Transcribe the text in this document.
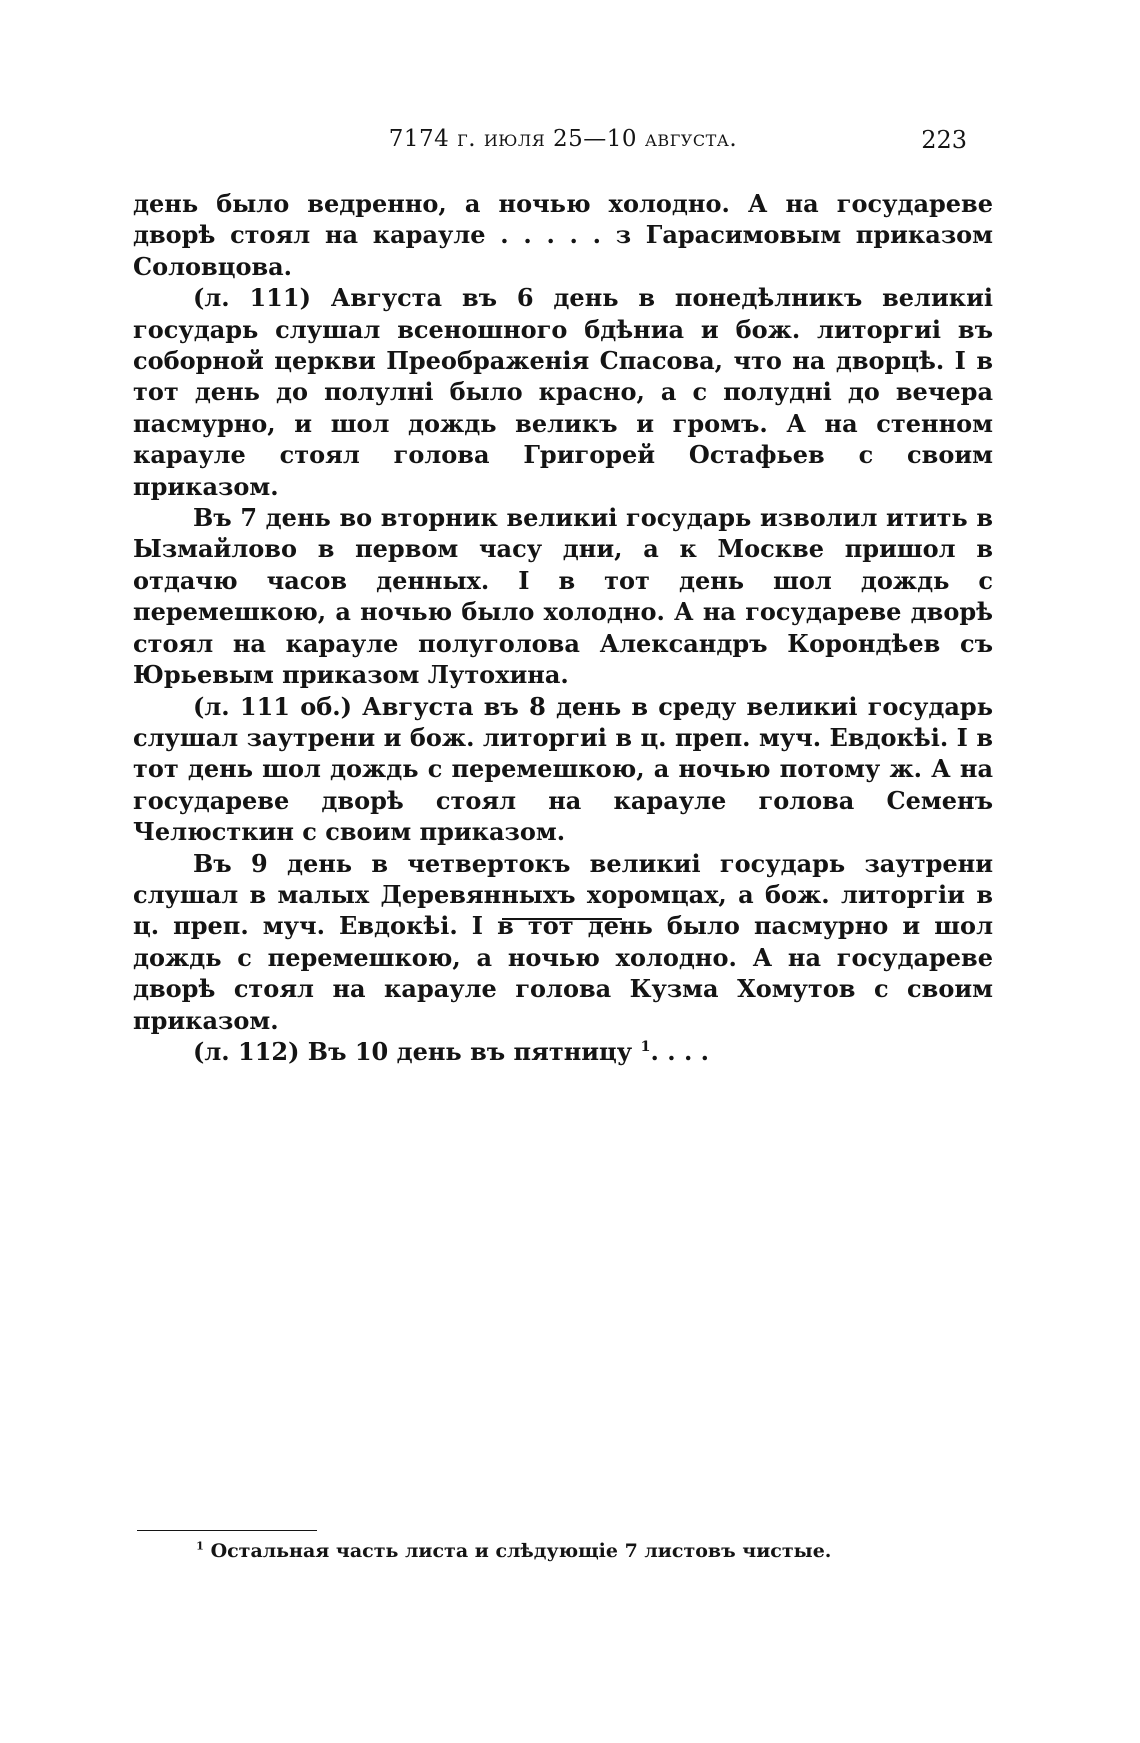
7174 г. июля 25—10 августа.	223

день было ведренно, а ночью холодно. А на государеве дворѣ стоял на карауле . . . . . з Гарасимовым приказом Соловцова.

(л. 111) Августа въ 6 день в понедѣлникъ великиі государь слушал всеношного бдѣниа и бож. литоргиі въ соборной церкви Преображенія Спасова, что на дворцѣ. І в тот день до полулні было красно, а с полудні до вечера пасмурно, и шол дождь великъ и громъ. А на стенном карауле стоял голова Григорей Остафьев с своим приказом.

Въ 7 день во вторник великиі государь изволил итить в Ызмайлово в первом часу дни, а к Москве пришол в отдачю часов денных. І в тот день шол дождь с перемешкою, а ночью было холодно. А на государеве дворѣ стоял на карауле полуголова Александръ Корондѣев съ Юрьевым приказом Лутохина.

(л. 111 об.) Августа въ 8 день в среду великиі государь слушал заутрени и бож. литоргиі в ц. преп. муч. Евдокѣі. І в тот день шол дождь с перемешкою, а ночью потому ж. А на государеве дворѣ стоял на карауле голова Семенъ Челюсткин с своим приказом.

Въ 9 день в четвертокъ великиі государь заутрени слушал в малых Деревянныхъ хоромцах, а бож. литоргіи в ц. преп. муч. Евдокѣі. І в тот день было пасмурно и шол дождь с перемешкою, а ночью холодно. А на государеве дворѣ стоял на карауле голова Кузма Хомутов с своим приказом.

(л. 112) Въ 10 день въ пятницу $^1$. . . .

$^1$ Остальная часть листа и слѣдующіе 7 листовъ чистые.
